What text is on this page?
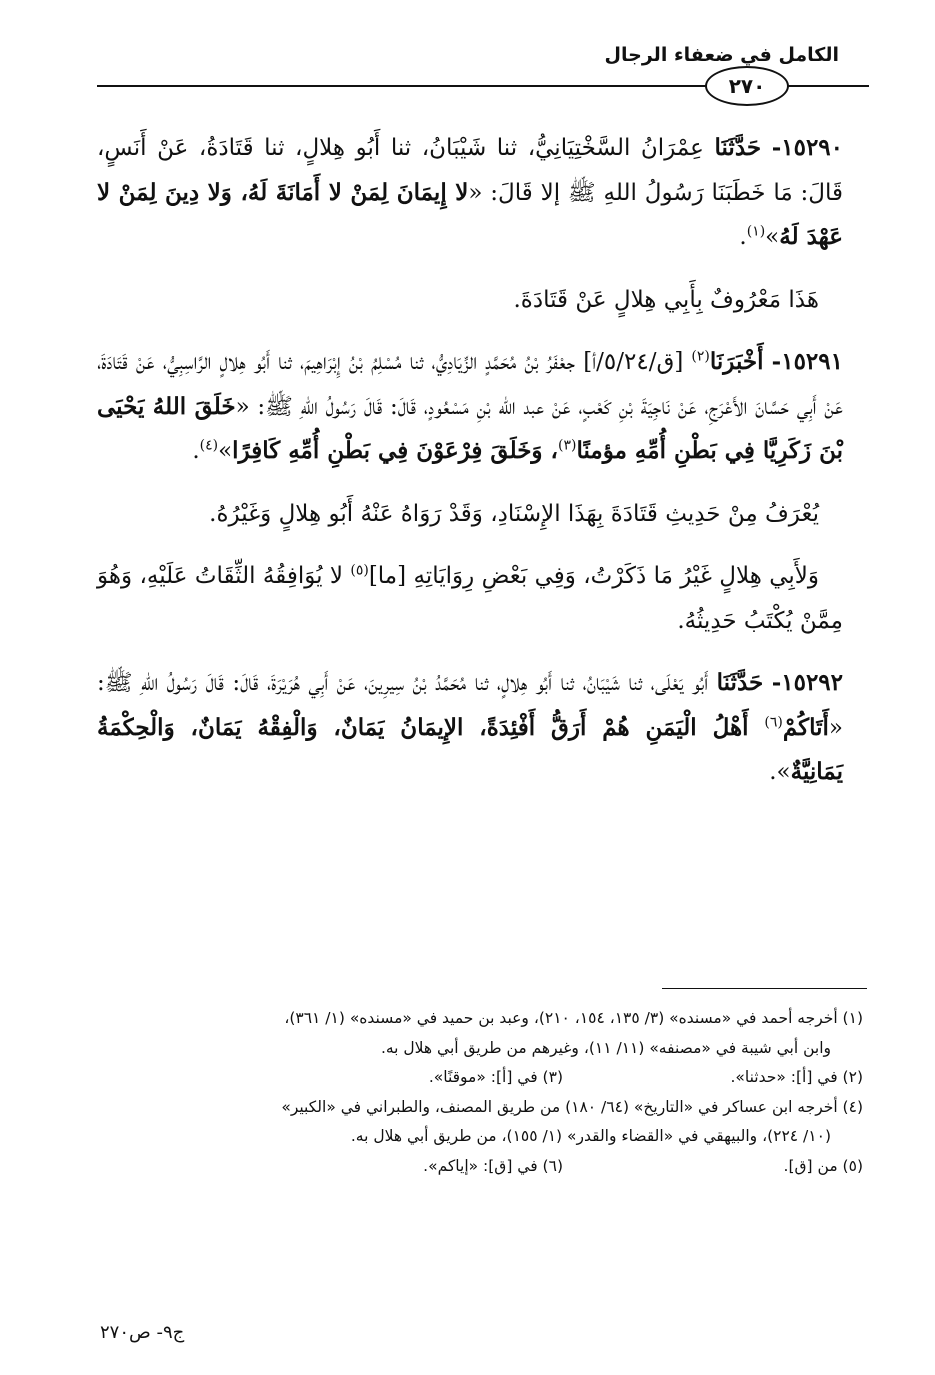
الكامل في ضعفاء الرجال
٢٧٠

١٥٢٩٠- حَدَّثَنَا عِمْرَانُ السَّخْتِيَانِيُّ، ثنا شَيْبَانُ، ثنا أَبُو هِلالٍ، ثنا قَتَادَةُ، عَنْ أَنَسٍ، قَالَ: مَا خَطَبَنَا رَسُولُ اللهِ ﷺ إلا قَالَ: «لا إِيمَانَ لِمَنْ لا أَمَانَةَ لَهُ، وَلا دِينَ لِمَنْ لا عَهْدَ لَهُ»$^{(١)}$.

هَذَا مَعْرُوفٌ بِأَبِي هِلالٍ عَنْ قَتَادَةَ.

١٥٢٩١- أَخْبَرَنَا$^{(٢)}$ [ق/٥/٢٤/أ] جعْفَرُ بْنُ مُحَمَّدٍ الزِّيَادِيُّ، ثنا مُسْلِمُ بْنُ إِبْرَاهِيمَ، ثنا أَبُو هِلالٍ الرَّاسِبِيُّ، عَنْ قَتَادَةَ، عَنْ أَبِي حَسَّانَ الأَعْرَجِ، عَنْ نَاجِيَةَ بْنِ كَعْبٍ، عَنْ عبد الله بْنِ مَسْعُودٍ، قَالَ: قَالَ رَسُولُ اللهِ ﷺ: «خَلَقَ اللهُ يَحْيَى بْنَ زَكَرِيَّا فِي بَطْنِ أُمِّهِ مؤمنًا$^{(٣)}$، وَخَلَقَ فِرْعَوْنَ فِي بَطْنِ أُمِّهِ كَافِرًا»$^{(٤)}$.

يُعْرَفُ مِنْ حَدِيثِ قَتَادَةَ بِهَذَا الإِسْنَادِ، وَقَدْ رَوَاهُ عَنْهُ أَبُو هِلالٍ وَغَيْرُهُ.

وَلأَبِي هِلالٍ غَيْرُ مَا ذَكَرْتُ، وَفِي بَعْضِ رِوَايَاتِهِ [ما]$^{(٥)}$ لا يُوَافِقُهُ الثِّقَاتُ عَلَيْهِ، وَهُوَ مِمَّنْ يُكْتَبُ حَدِيثُهُ.

١٥٢٩٢- حَدَّثَنَا أَبُو يَعْلَى، ثنا شَيْبَانُ، ثنا أَبُو هِلالٍ، ثنا مُحَمَّدُ بْنُ سِيرِينَ، عَنْ أَبِي هُرَيْرَةَ، قَالَ: قَالَ رَسُولُ اللهِ ﷺ: «أَتَاكُمْ$^{(٦)}$ أَهْلُ الْيَمَنِ هُمْ أَرَقُّ أَفْئِدَةً، الإِيمَانُ يَمَانٌ، وَالْفِقْهُ يَمَانٌ، وَالْحِكْمَةُ يَمَانِيَّةٌ».

(١) أخرجه أحمد في «مسنده» (٣/ ١٣٥، ١٥٤، ٢١٠)، وعبد بن حميد في «مسنده» (١/ ٣٦١)،

وابن أبي شيبة في «مصنفه» (١١/ ١١)، وغيرهم من طريق أبي هلال به.

(٢) في [أ]: «حدثنا».

(٣) في [أ]: «موقنًا».

(٤) أخرجه ابن عساكر في «التاريخ» (٦٤/ ١٨٠) من طريق المصنف، والطبراني في «الكبير»

(١٠/ ٢٢٤)، والبيهقي في «القضاء والقدر» (١/ ١٥٥)، من طريق أبي هلال به.

(٥) من [ق].

(٦) في [ق]: «إياكم».

ج٩- ص٢٧٠
